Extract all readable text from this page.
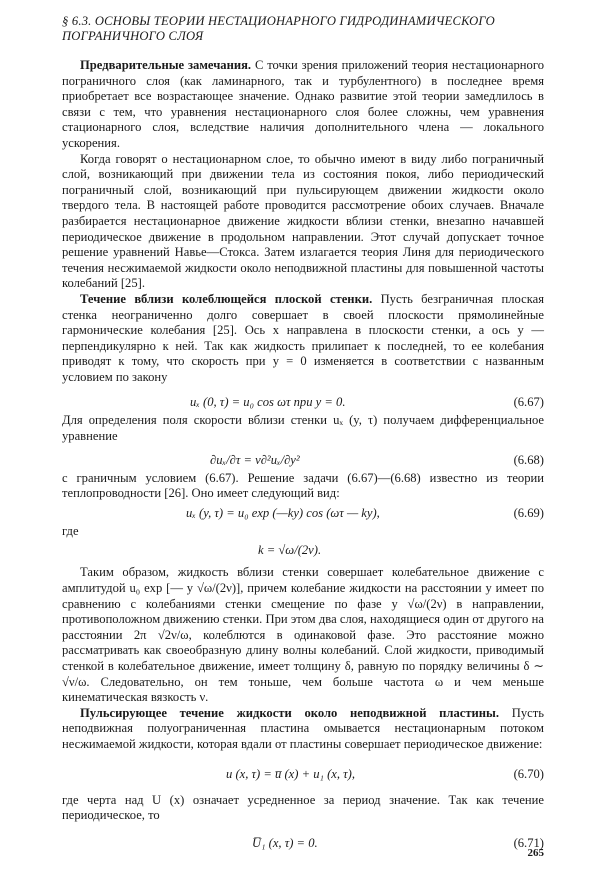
§ 6.3. ОСНОВЫ ТЕОРИИ НЕСТАЦИОНАРНОГО ГИДРОДИНАМИЧЕСКОГО ПОГРАНИЧНОГО СЛОЯ

Предварительные замечания. С точки зрения приложений теория нестационарного пограничного слоя (как ламинарного, так и турбулентного) в последнее время приобретает все возрастающее значение. Однако развитие этой теории замедлилось в связи с тем, что уравнения нестационарного слоя более сложны, чем уравнения стационарного слоя, вследствие наличия дополнительного члена — локального ускорения.

Когда говорят о нестационарном слое, то обычно имеют в виду либо пограничный слой, возникающий при движении тела из состояния покоя, либо периодический пограничный слой, возникающий при пульсирующем движении жидкости около твердого тела. В настоящей работе проводится рассмотрение обоих случаев. Вначале разбирается нестационарное движение жидкости вблизи стенки, внезапно начавшей периодическое движение в продольном направлении. Этот случай допускает точное решение уравнений Навье—Стокса. Затем излагается теория Линя для периодического течения несжимаемой жидкости около неподвижной пластины для повышенной частоты колебаний [25].

Течение вблизи колеблющейся плоской стенки. Пусть безграничная плоская стенка неограниченно долго совершает в своей плоскости прямолинейные гармонические колебания [25]. Ось x направлена в плоскости стенки, а ось y — перпендикулярно к ней. Так как жидкость прилипает к последней, то ее колебания приводят к тому, что скорость при y = 0 изменяется в соответствии с названным условием по закону

uₓ (0, τ) = u₀ cos ωτ при y = 0.	(6.67)

Для определения поля скорости вблизи стенки uₓ (y, τ) получаем дифференциальное уравнение

∂uₓ/∂τ = ν∂²uₓ/∂y²	(6.68)

с граничным условием (6.67). Решение задачи (6.67)—(6.68) известно из теории теплопроводности [26]. Оно имеет следующий вид:

uₓ (y, τ) = u₀ exp (—ky) cos (ωτ — ky),	(6.69)

где

k = √ω/(2ν).

Таким образом, жидкость вблизи стенки совершает колебательное движение с амплитудой u₀ exp [— y √ω/(2ν)], причем колебание жидкости на расстоянии y имеет по сравнению с колебаниями стенки смещение по фазе y √ω/(2ν) в направлении, противоположном движению стенки. При этом два слоя, находящиеся один от другого на расстоянии 2π √2ν/ω, колеблются в одинаковой фазе. Это расстояние можно рассматривать как своеобразную длину волны колебаний. Слой жидкости, приводимый стенкой в колебательное движение, имеет толщину δ, равную по порядку величины δ ∼ √ν/ω. Следовательно, он тем тоньше, чем больше частота ω и чем меньше кинематическая вязкость ν.

Пульсирующее течение жидкости около неподвижной пластины. Пусть неподвижная полуограниченная пластина омывается нестационарным потоком несжимаемой жидкости, которая вдали от пластины совершает периодическое движение:

u (x, τ) = u̅ (x) + u₁ (x, τ),	(6.70)

где черта над U (x) означает усредненное за период значение. Так как течение периодическое, то

U̅₁ (x, τ) = 0.	(6.71)
265
